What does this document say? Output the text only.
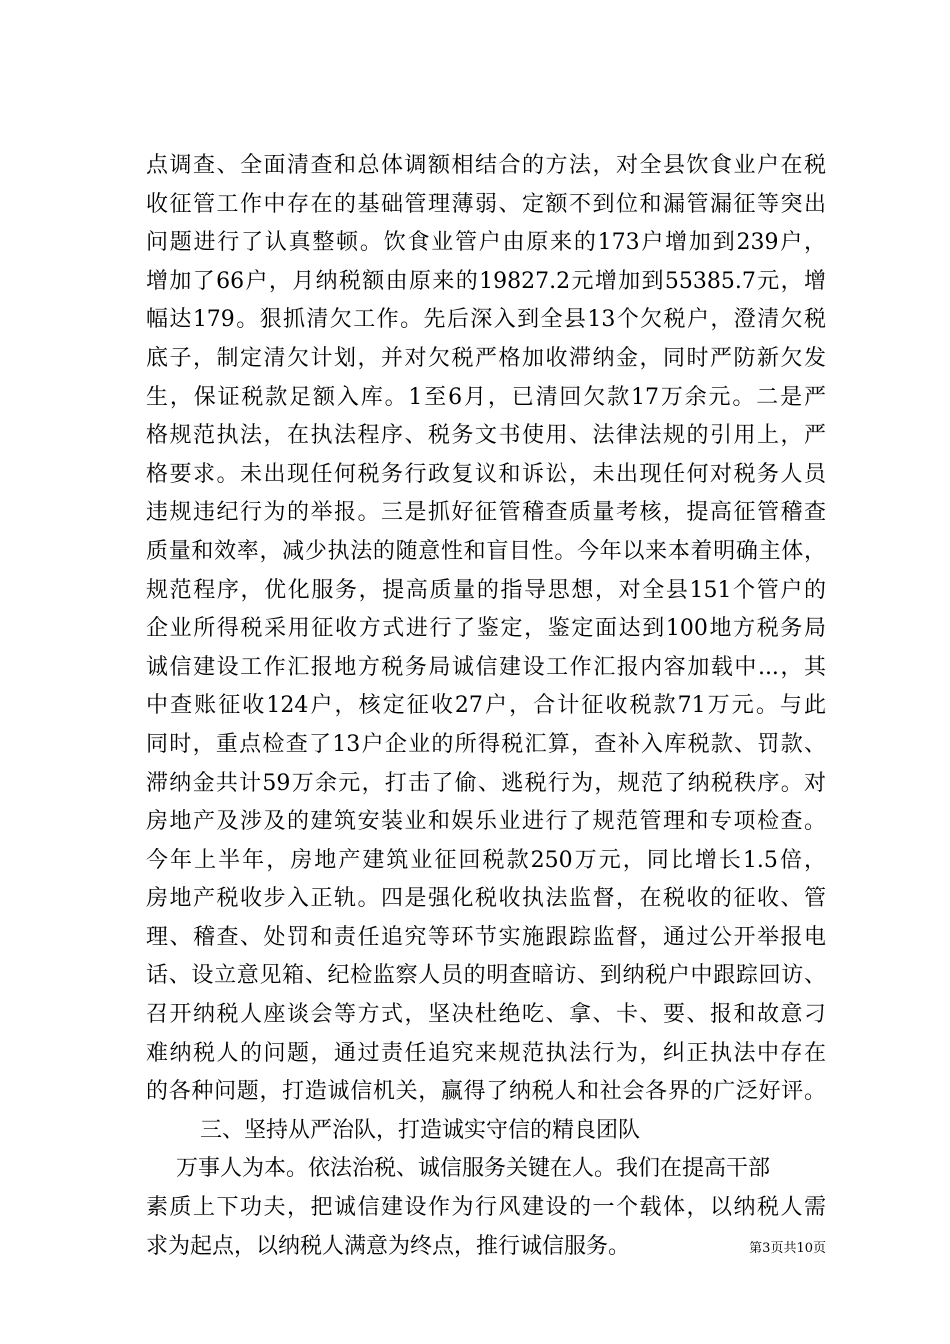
点调查、全面清查和总体调额相结合的方法，对全县饮食业户在税
收征管工作中存在的基础管理薄弱、定额不到位和漏管漏征等突出
问题进行了认真整顿。饮食业管户由原来的173户增加到239户，
增加了66户，月纳税额由原来的19827.2元增加到55385.7元，增
幅达179。狠抓清欠工作。先后深入到全县13个欠税户，澄清欠税
底子，制定清欠计划，并对欠税严格加收滞纳金，同时严防新欠发
生，保证税款足额入库。1至6月，已清回欠款17万余元。二是严
格规范执法，在执法程序、税务文书使用、法律法规的引用上，严
格要求。未出现任何税务行政复议和诉讼，未出现任何对税务人员
违规违纪行为的举报。三是抓好征管稽查质量考核，提高征管稽查
质量和效率，减少执法的随意性和盲目性。今年以来本着明确主体，
规范程序，优化服务，提高质量的指导思想，对全县151个管户的
企业所得税采用征收方式进行了鉴定，鉴定面达到100地方税务局
诚信建设工作汇报地方税务局诚信建设工作汇报内容加载中...，其
中查账征收124户，核定征收27户，合计征收税款71万元。与此
同时，重点检查了13户企业的所得税汇算，查补入库税款、罚款、
滞纳金共计59万余元，打击了偷、逃税行为，规范了纳税秩序。对
房地产及涉及的建筑安装业和娱乐业进行了规范管理和专项检查。
今年上半年，房地产建筑业征回税款250万元，同比增长1.5倍，
房地产税收步入正轨。四是强化税收执法监督，在税收的征收、管
理、稽查、处罚和责任追究等环节实施跟踪监督，通过公开举报电
话、设立意见箱、纪检监察人员的明查暗访、到纳税户中跟踪回访、
召开纳税人座谈会等方式，坚决杜绝吃、拿、卡、要、报和故意刁
难纳税人的问题，通过责任追究来规范执法行为，纠正执法中存在
的各种问题，打造诚信机关，赢得了纳税人和社会各界的广泛好评。
三、坚持从严治队，打造诚实守信的精良团队
万事人为本。依法治税、诚信服务关键在人。我们在提高干部
素质上下功夫，把诚信建设作为行风建设的一个载体，以纳税人需
求为起点，以纳税人满意为终点，推行诚信服务。	第3页共10页
